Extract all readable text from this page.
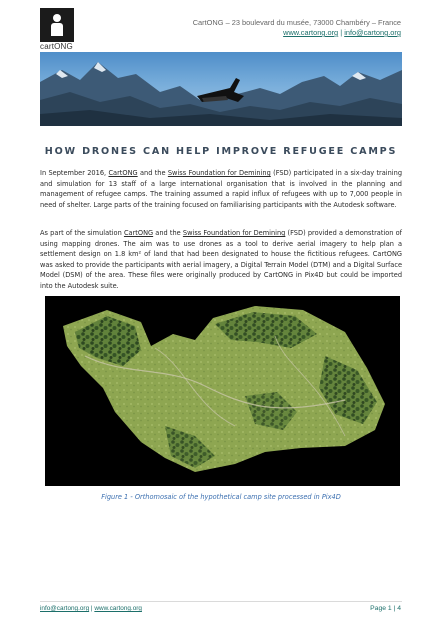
cartONG
CartONG – 23 boulevard du musée, 73000 Chambéry – France
www.cartong.org | info@cartong.org
HOW DRONES CAN HELP IMPROVE REFUGEE CAMPS
In September 2016, CartONG and the Swiss Foundation for Demining (FSD) participated in a six-day training and simulation for 13 staff of a large international organisation that is involved in the planning and management of refugee camps. The training assumed a rapid influx of refugees with up to 7,000 people in need of shelter. Large parts of the training focused on familiarising participants with the Autodesk software.
As part of the simulation CartONG and the Swiss Foundation for Demining (FSD) provided a demonstration of using mapping drones. The aim was to use drones as a tool to derive aerial imagery to help plan a settlement design on 1.8 km² of land that had been designated to house the fictitious refugees. CartONG was asked to provide the participants with aerial imagery, a Digital Terrain Model (DTM) and a Digital Surface Model (DSM) of the area. These files were originally produced by CartONG in Pix4D but could be imported into the Autodesk suite.
Figure 1 - Orthomosaic of the hypothetical camp site processed in Pix4D
info@cartong.org | www.cartong.org	Page 1 | 4
